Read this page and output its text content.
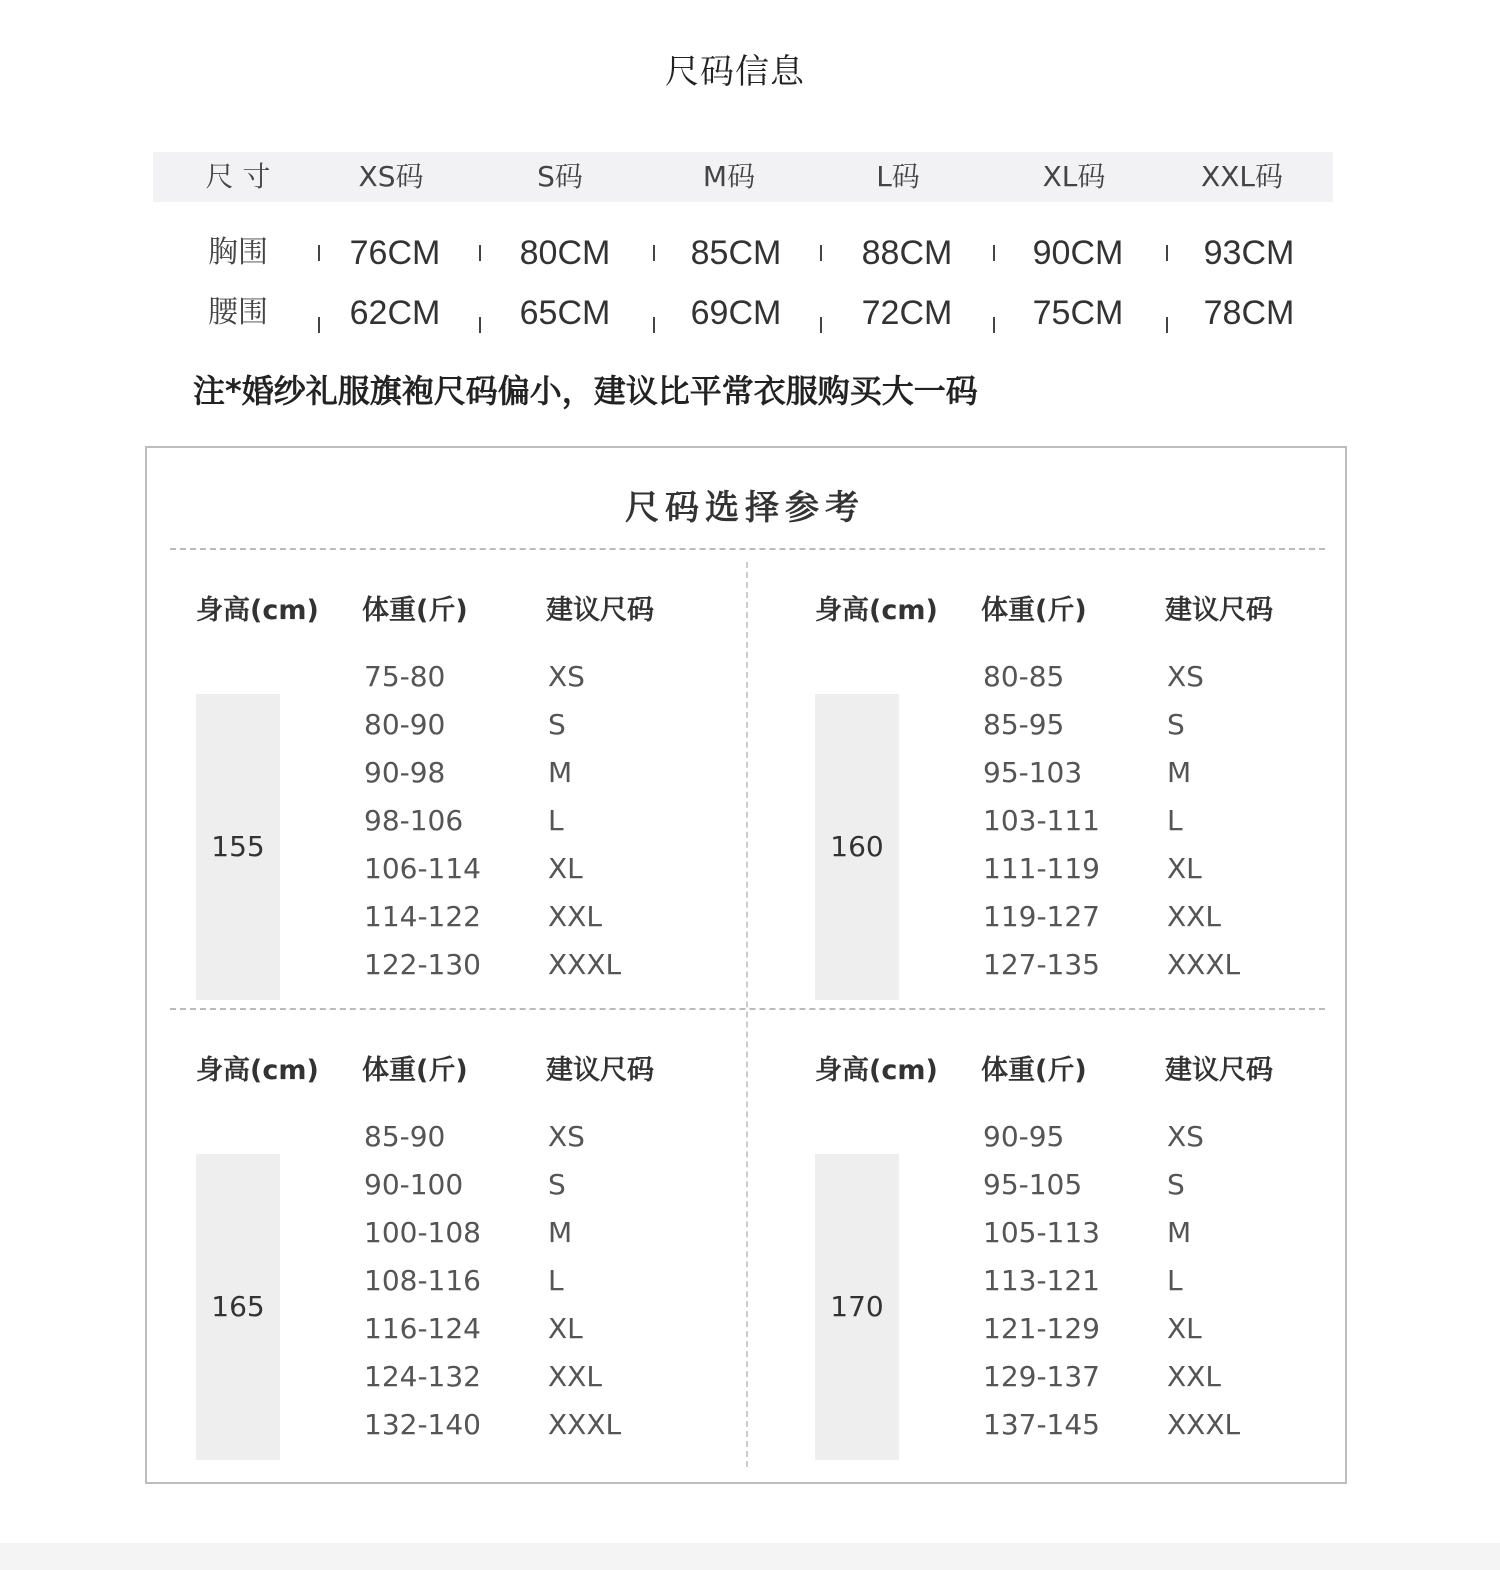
尺码信息
尺 寸	XS码	S码	M码	L码	XL码	XXL码
胸围	76CM	80CM	85CM	88CM	90CM	93CM
腰围	62CM	65CM	69CM	72CM	75CM	78CM
注*婚纱礼服旗袍尺码偏小，建议比平常衣服购买大一码
尺码选择参考
身高(cm) 体重(斤)	建议尺码
155
75-80	XS
80-90	S
90-98	M
98-106	L
106-114 XL
114-122 XXL
122-130 XXXL
身高(cm) 体重(斤)	建议尺码
160
80-85	XS
85-95	S
95-103	M
103-111 L
111-119 XL
119-127 XXL
127-135 XXXL
身高(cm) 体重(斤)	建议尺码
165
85-90	XS
90-100	S
100-108 M
108-116 L
116-124 XL
124-132 XXL
132-140 XXXL
身高(cm) 体重(斤)	建议尺码
170
90-95	XS
95-105	S
105-113 M
113-121 L
121-129 XL
129-137 XXL
137-145 XXXL
